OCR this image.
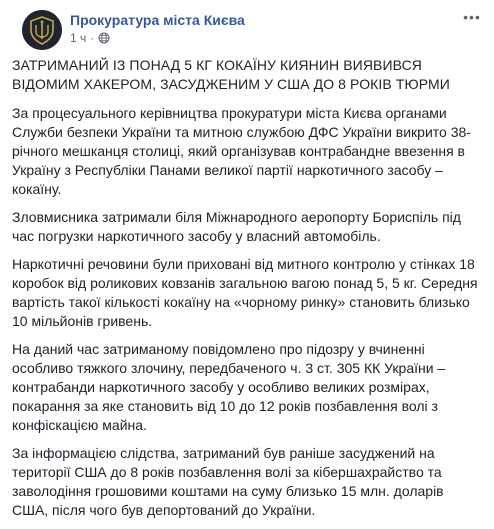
Прокуратура міста Києва
1 ч ·
•••

ЗАТРИМАНИЙ ІЗ ПОНАД 5 КГ КОКАЇНУ КИЯНИН ВИЯВИВСЯ ВІДОМИМ ХАКЕРОМ, ЗАСУДЖЕНИМ У США ДО 8 РОКІВ ТЮРМИ

За процесуального керівництва прокуратури міста Києва органами Служби безпеки України та митною службою ДФС України викрито 38-річного мешканця столиці, який організував контрабандне ввезення в Україну з Республіки Панами великої партії наркотичного засобу – кокаїну.

Зловмисника затримали біля Міжнародного аеропорту Бориспіль під час погрузки наркотичного засобу у власний автомобіль.

Наркотичні речовини були приховані від митного контролю у стінках 18 коробок від роликових ковзанів загальною вагою понад 5, 5 кг. Середня вартість такої кількості кокаїну на «чорному ринку» становить близько 10 мільйонів гривень.

На даний час затриманому повідомлено про підозру у вчиненні особливо тяжкого злочину, передбаченого ч. 3 ст. 305 КК України – контрабанди наркотичного засобу у особливо великих розмірах, покарання за яке становить від 10 до 12 років позбавлення волі з конфіскацією майна.

За інформацією слідства, затриманий був раніше засуджений на території США до 8 років позбавлення волі за кібершахрайство та заволодіння грошовими коштами на суму близько 15 млн. доларів США, після чого був депортований до України.
